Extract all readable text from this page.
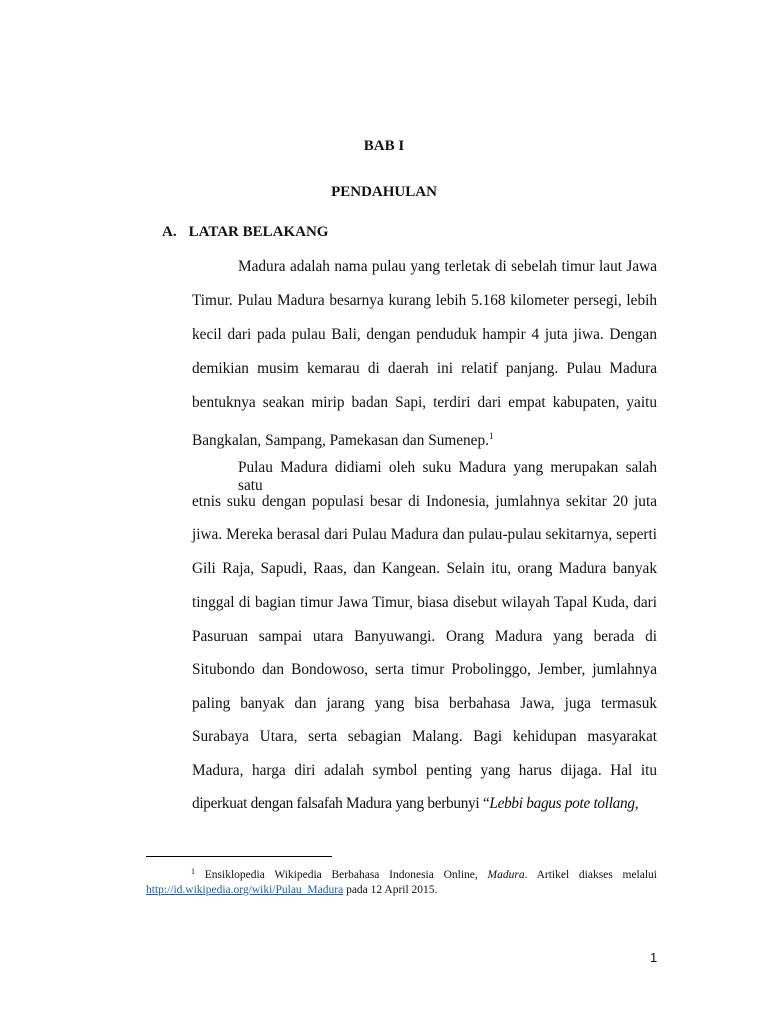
BAB I
PENDAHULAN
A. LATAR BELAKANG
Madura adalah nama pulau yang terletak di sebelah timur laut Jawa
Timur. Pulau Madura besarnya kurang lebih 5.168 kilometer persegi, lebih
kecil dari pada pulau Bali, dengan penduduk hampir 4 juta jiwa. Dengan
demikian musim kemarau di daerah ini relatif panjang. Pulau Madura
bentuknya seakan mirip badan Sapi, terdiri dari empat kabupaten, yaitu
Bangkalan, Sampang, Pamekasan dan Sumenep.$^1$
Pulau Madura didiami oleh suku Madura yang merupakan salah satu
etnis suku dengan populasi besar di Indonesia, jumlahnya sekitar 20 juta
jiwa. Mereka berasal dari Pulau Madura dan pulau-pulau sekitarnya, seperti
Gili Raja, Sapudi, Raas, dan Kangean. Selain itu, orang Madura banyak
tinggal di bagian timur Jawa Timur, biasa disebut wilayah Tapal Kuda, dari
Pasuruan sampai utara Banyuwangi. Orang Madura yang berada di
Situbondo dan Bondowoso, serta timur Probolinggo, Jember, jumlahnya
paling banyak dan jarang yang bisa berbahasa Jawa, juga termasuk
Surabaya Utara, serta sebagian Malang. Bagi kehidupan masyarakat
Madura, harga diri adalah symbol penting yang harus dijaga. Hal itu
diperkuat dengan falsafah Madura yang berbunyi “Lebbi bagus pote tollang,
$^1$ Ensiklopedia Wikipedia Berbahasa Indonesia Online, Madura. Artikel diakses melalui
http://id.wikipedia.org/wiki/Pulau_Madura pada 12 April 2015.
1
